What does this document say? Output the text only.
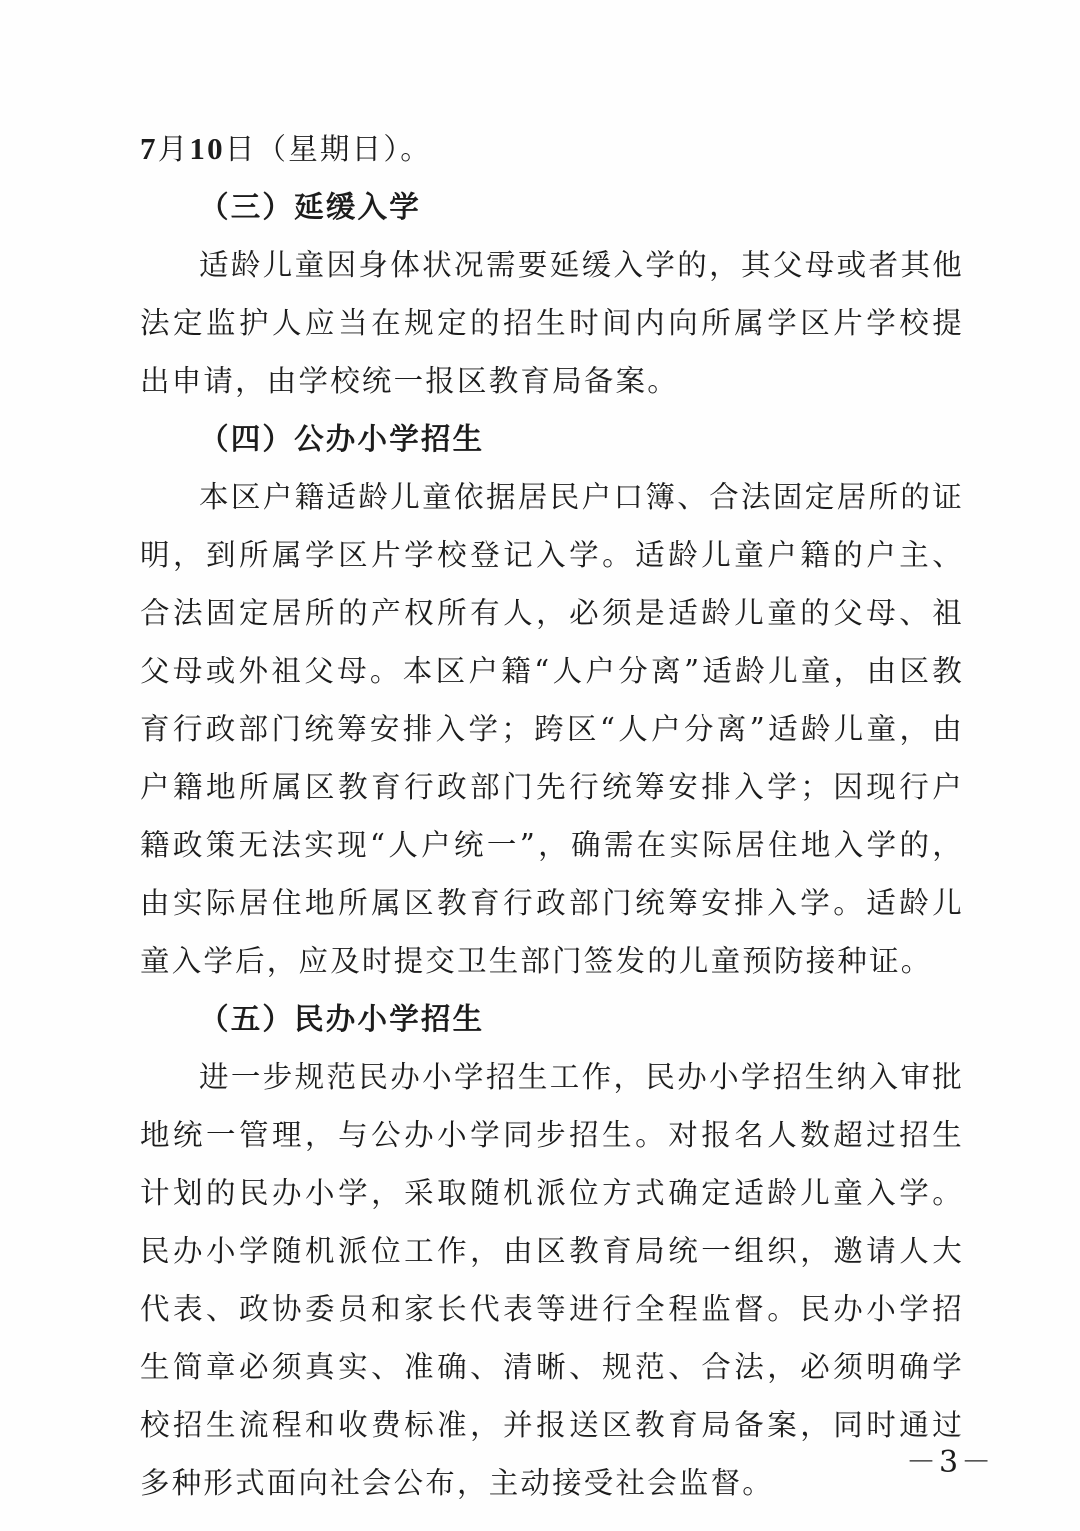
7月10日（星期日）。

（三）延缓入学

适龄儿童因身体状况需要延缓入学的，其父母或者其他法定监护人应当在规定的招生时间内向所属学区片学校提出申请，由学校统一报区教育局备案。

（四）公办小学招生

本区户籍适龄儿童依据居民户口簿、合法固定居所的证明，到所属学区片学校登记入学。适龄儿童户籍的户主、合法固定居所的产权所有人，必须是适龄儿童的父母、祖父母或外祖父母。本区户籍“人户分离”适龄儿童，由区教育行政部门统筹安排入学；跨区“人户分离”适龄儿童，由户籍地所属区教育行政部门先行统筹安排入学；因现行户籍政策无法实现“人户统一”，确需在实际居住地入学的，由实际居住地所属区教育行政部门统筹安排入学。适龄儿童入学后，应及时提交卫生部门签发的儿童预防接种证。

（五）民办小学招生

进一步规范民办小学招生工作，民办小学招生纳入审批地统一管理，与公办小学同步招生。对报名人数超过招生计划的民办小学，采取随机派位方式确定适龄儿童入学。民办小学随机派位工作，由区教育局统一组织，邀请人大代表、政协委员和家长代表等进行全程监督。民办小学招生简章必须真实、准确、清晰、规范、合法，必须明确学校招生流程和收费标准，并报送区教育局备案，同时通过多种形式面向社会公布，主动接受社会监督。

－3－
